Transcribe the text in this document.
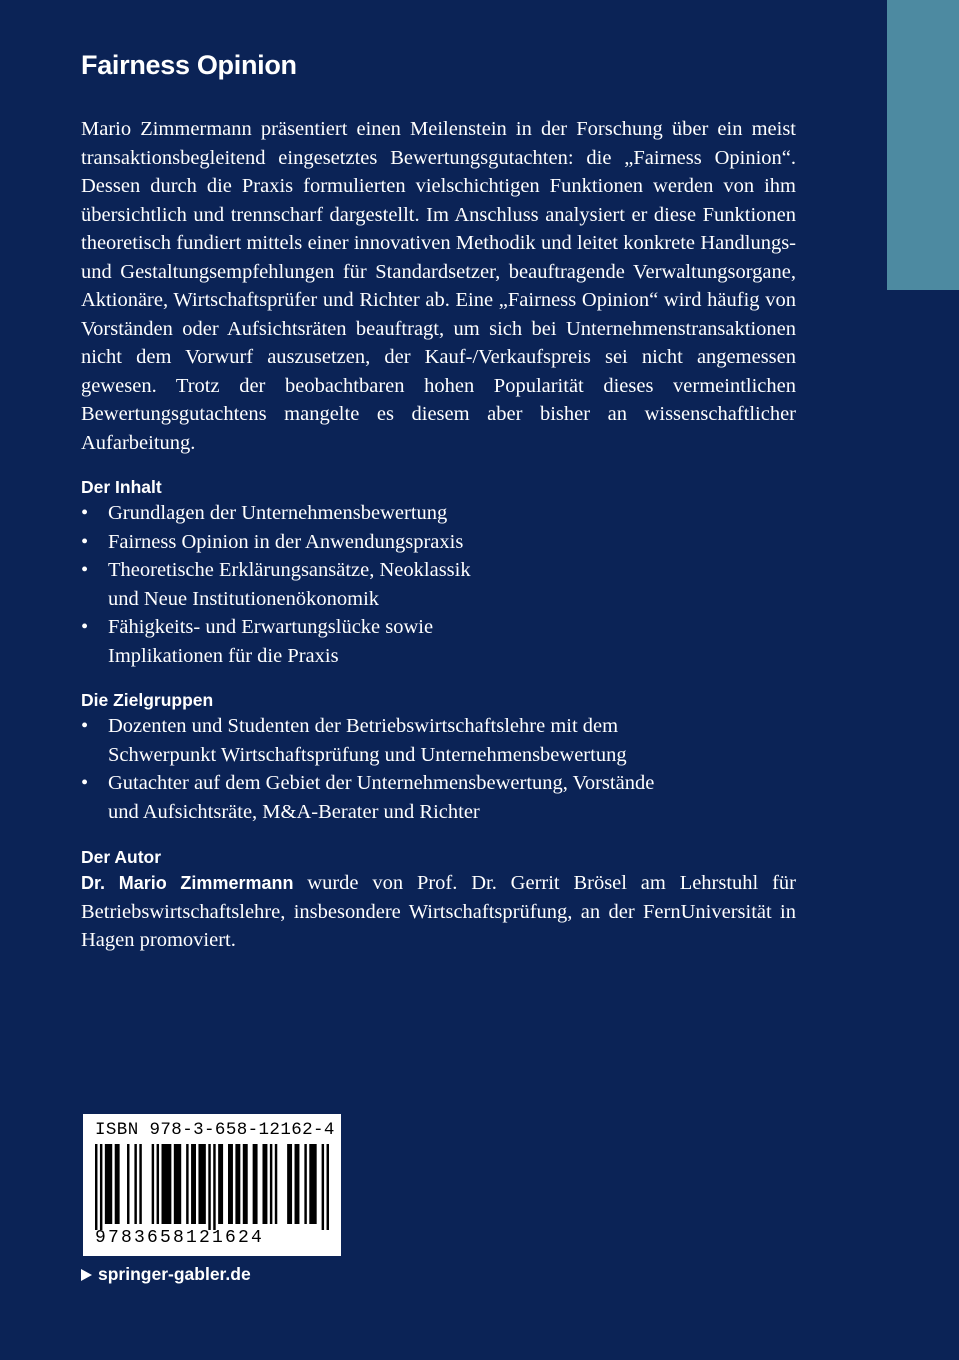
Fairness Opinion

Mario Zimmermann präsentiert einen Meilenstein in der Forschung über ein meist transaktionsbegleitend eingesetztes Bewertungsgutachten: die „Fairness Opinion“. Dessen durch die Praxis formulierten vielschichtigen Funktionen werden von ihm übersichtlich und trennscharf dargestellt. Im Anschluss analysiert er diese Funktionen theoretisch fundiert mittels einer innovativen Methodik und leitet konkrete Handlungs- und Gestaltungsempfehlungen für Standardsetzer, beauftragende Verwaltungsorgane, Aktionäre, Wirtschaftsprüfer und Richter ab. Eine „Fairness Opinion“ wird häufig von Vorständen oder Aufsichtsräten beauftragt, um sich bei Unternehmenstransaktionen nicht dem Vorwurf auszusetzen, der Kauf-/Verkaufspreis sei nicht angemessen gewesen. Trotz der beobachtbaren hohen Popularität dieses vermeintlichen Bewertungsgutachtens mangelte es diesem aber bisher an wissenschaftlicher Aufarbeitung.

Der Inhalt
• Grundlagen der Unternehmensbewertung
• Fairness Opinion in der Anwendungspraxis
• Theoretische Erklärungsansätze, Neoklassik
und Neue Institutionenökonomik
• Fähigkeits- und Erwartungslücke sowie
Implikationen für die Praxis
Die Zielgruppen
• Dozenten und Studenten der Betriebswirtschaftslehre mit dem
Schwerpunkt Wirtschaftsprüfung und Unternehmensbewertung
• Gutachter auf dem Gebiet der Unternehmensbewertung, Vorstände
und Aufsichtsräte, M&A-Berater und Richter
Der Autor

Dr. Mario Zimmermann wurde von Prof. Dr. Gerrit Brösel am Lehrstuhl für Betriebswirtschaftslehre, insbesondere Wirtschaftsprüfung, an der FernUniversität in Hagen promoviert.

ISBN 978-3-658-12162-4
9783658121624
springer-gabler.de
